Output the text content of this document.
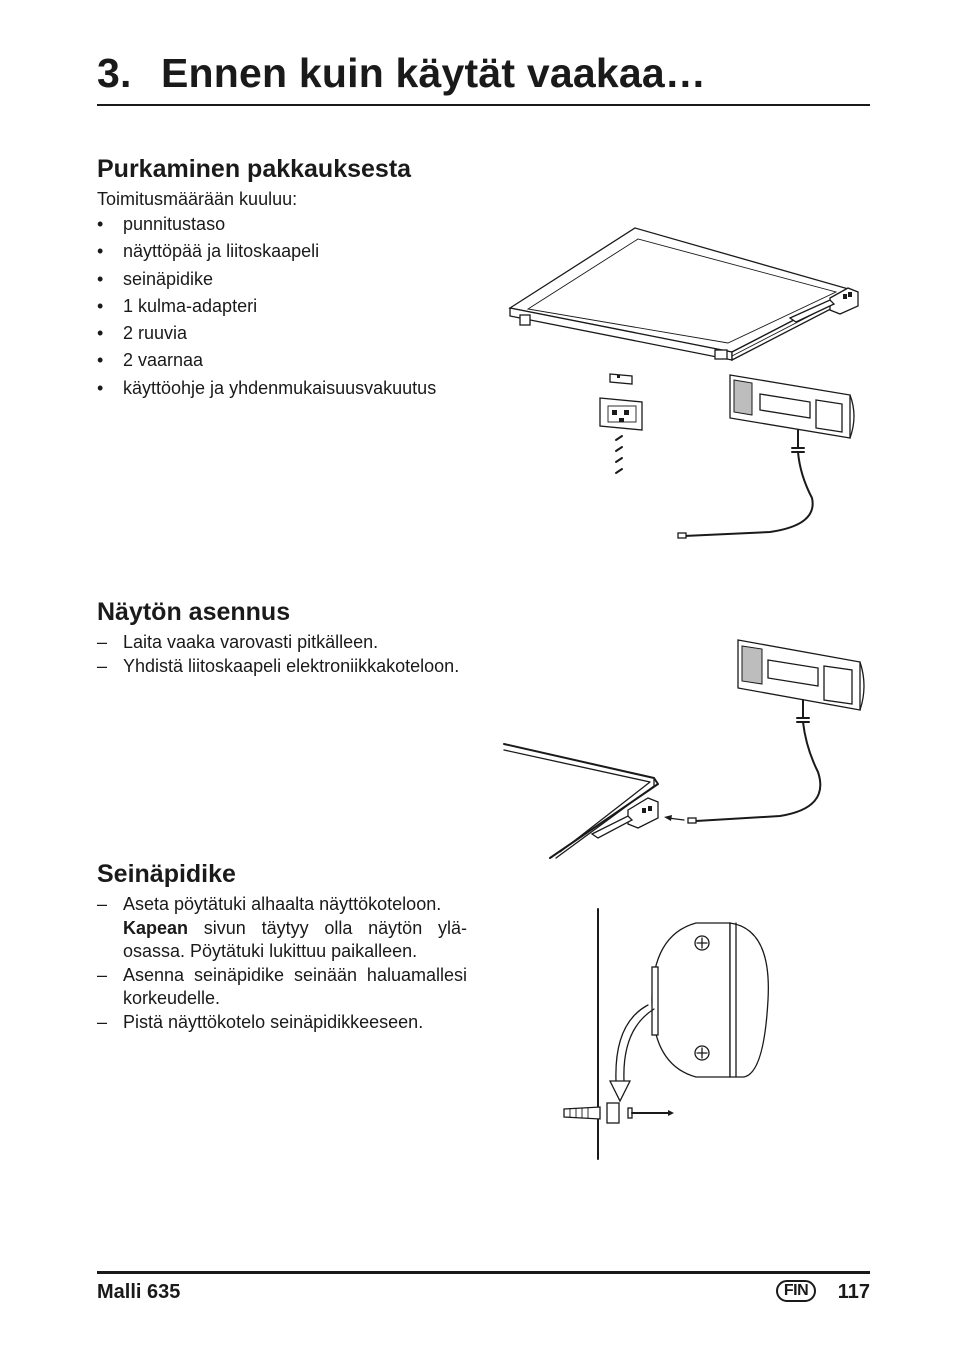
3. Ennen kuin käytät vaakaa…
Purkaminen pakkauksesta
Toimitusmäärään kuuluu:
• punnitustaso
• näyttöpää ja liitoskaapeli
• seinäpidike
• 1 kulma-adapteri
• 2 ruuvia
• 2 vaarnaa
• käyttöohje ja yhdenmukaisuusvakuutus
Näytön asennus
– Laita vaaka varovasti pitkälleen.
– Yhdistä liitoskaapeli elektroniikkakoteloon.
Seinäpidike
– Aseta pöytätuki alhaalta näyttökoteloon.
Kapean sivun täytyy olla näytön yläosassa. Pöytätuki lukittuu paikalleen.
– Asenna seinäpidike seinään haluamallesi korkeudelle.
– Pistä näyttökotelo seinäpidikkeeseen.
Malli 635	FIN	117
